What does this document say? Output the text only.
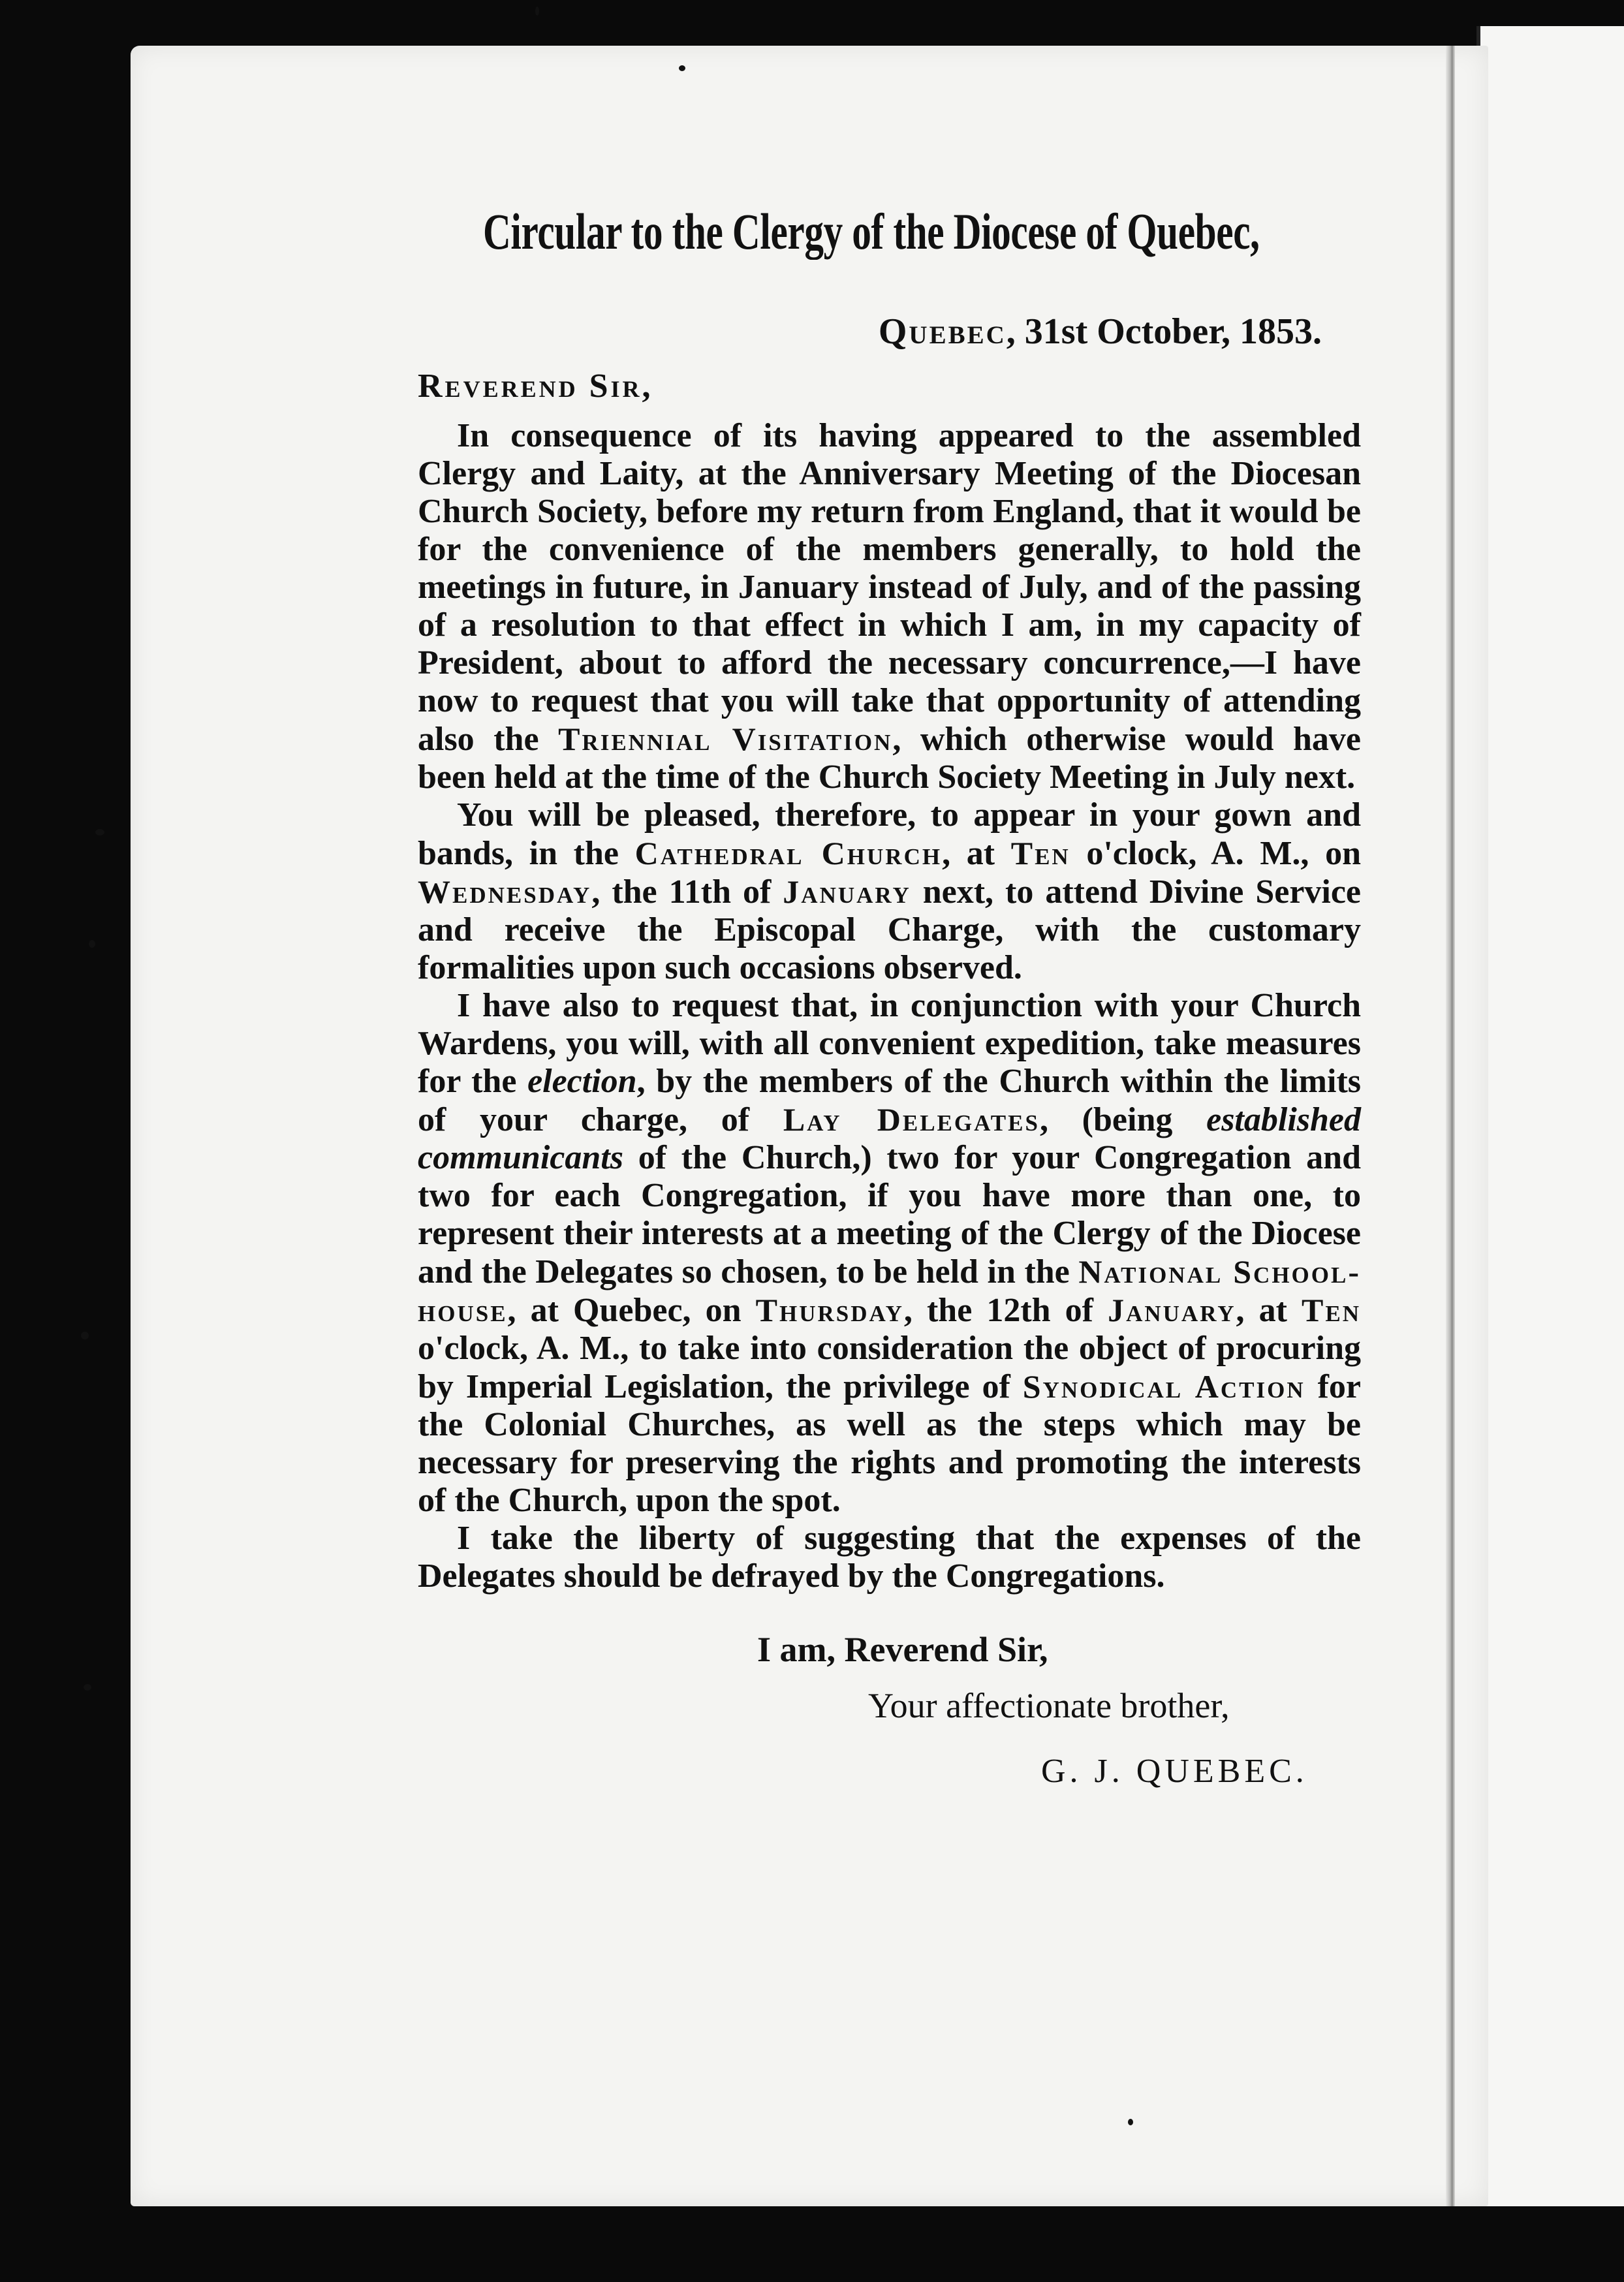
Circular to the Clergy of the Diocese of Quebec,
Quebec, 31st October, 1853.
Reverend Sir,

In consequence of its having appeared to the assembled Clergy and Laity, at the Anniversary Meeting of the Diocesan Church Society, before my return from England, that it would be for the convenience of the members generally, to hold the meetings in future, in January instead of July, and of the passing of a resolution to that effect in which I am, in my capacity of President, about to afford the necessary concurrence,—I have now to request that you will take that opportunity of attending also the Triennial Visitation, which otherwise would have been held at the time of the Church Society Meeting in July next.

You will be pleased, therefore, to appear in your gown and bands, in the Cathedral Church, at Ten o'clock, A. M., on Wednesday, the 11th of January next, to attend Divine Service and receive the Episcopal Charge, with the customary formalities upon such occasions observed.

I have also to request that, in conjunction with your Church Wardens, you will, with all convenient expedition, take measures for the election, by the members of the Church within the limits of your charge, of Lay Delegates, (being established communicants of the Church,) two for your Congregation and two for each Congregation, if you have more than one, to represent their interests at a meeting of the Clergy of the Diocese and the Delegates so chosen, to be held in the National School-house, at Quebec, on Thursday, the 12th of January, at Ten o'clock, A. M., to take into consideration the object of procuring by Imperial Legislation, the privilege of Synodical Action for the Colonial Churches, as well as the steps which may be necessary for preserving the rights and promoting the interests of the Church, upon the spot.

I take the liberty of suggesting that the expenses of the Delegates should be defrayed by the Congregations.

I am, Reverend Sir,
Your affectionate brother,
G. J. QUEBEC.
